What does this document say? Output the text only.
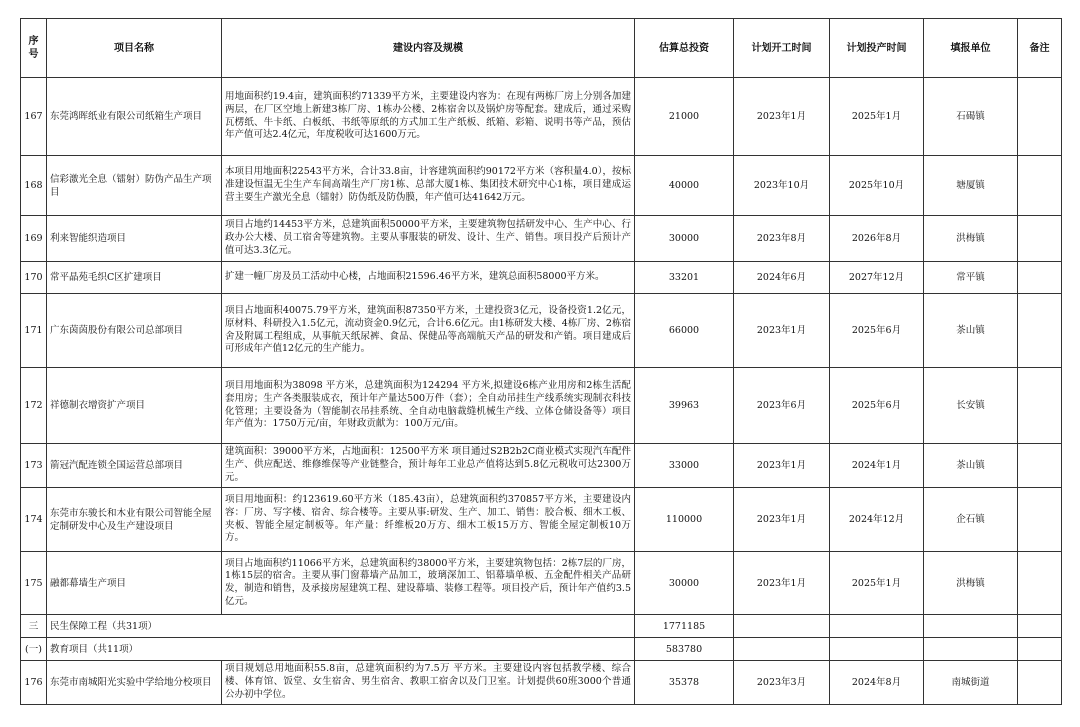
序号	项目名称	建设内容及规模	估算总投资	计划开工时间	计划投产时间	填报单位	备注
167	东莞鸿晖纸业有限公司纸箱生产项目	用地面积约19.4亩，建筑面积约71339平方米，主要建设内容为：在现有两栋厂房上分别各加建两层，在厂区空地上新建3栋厂房、1栋办公楼、2栋宿舍以及锅炉房等配套。建成后，通过采购瓦楞纸、牛卡纸、白板纸、书纸等原纸的方式加工生产纸板、纸箱、彩箱、说明书等产品，预估年产值可达2.4亿元，年度税收可达1600万元。	21000	2023年1月	2025年1月	石碣镇	
168	信彩激光全息（镭射）防伪产品生产项目	本项目用地面积22543平方米，合计33.8亩，计容建筑面积约90172平方米（容积量4.0），按标准建设恒温无尘生产车间高端生产厂房1栋、总部大厦1栋、集团技术研究中心1栋，项目建成运营主要生产激光全息（镭射）防伪纸及防伪膜，年产值可达41642万元。	40000	2023年10月	2025年10月	塘厦镇	
169	利来智能织造项目	项目占地约14453平方米，总建筑面积50000平方米，主要建筑物包括研发中心、生产中心、行政办公大楼、员工宿舍等建筑物。主要从事服装的研发、设计、生产、销售。项目投产后预计产值可达3.3亿元。	30000	2023年8月	2026年8月	洪梅镇	
170	常平晶苑毛织C区扩建项目	扩建一幢厂房及员工活动中心楼，占地面积21596.46平方米，建筑总面积58000平方米。	33201	2024年6月	2027年12月	常平镇	
171	广东茵茵股份有限公司总部项目	项目占地面积40075.79平方米，建筑面积87350平方米，土建投资3亿元，设备投资1.2亿元，原材料、科研投入1.5亿元，流动资金0.9亿元，合计6.6亿元。由1栋研发大楼、4栋厂房、2栋宿舍及附属工程组成，从事航天纸尿裤、食品、保健品等高端航天产品的研发和产销。项目建成后可形成年产值12亿元的生产能力。	66000	2023年1月	2025年6月	茶山镇	
172	祥德制衣增资扩产项目	项目用地面积为38098 平方米，总建筑面积为124294 平方米,拟建设6栋产业用房和2栋生活配套用房；生产各类服装成衣，预计年产量达500万件（套）；全自动吊挂生产线系统实现制衣科技化管理；主要设备为（智能制衣吊挂系统、全自动电脑裁缝机械生产线、立体仓储设备等）项目年产值为：1750万元/亩，年财政贡献为：100万元/亩。	39963	2023年6月	2025年6月	长安镇	
173	箭冠汽配连锁全国运营总部项目	建筑面积：39000平方米，占地面积：12500平方米 项目通过S2B2b2C商业模式实现汽车配件生产、供应配送、维修维保等产业链整合，预计每年工业总产值将达到5.8亿元税收可达2300万元。	33000	2023年1月	2024年1月	茶山镇	
174	东莞市东骏长和木业有限公司智能全屋定制研发中心及生产建设项目	项目用地面积：约123619.60平方米（185.43亩），总建筑面积约370857平方米，主要建设内容：厂房、写字楼、宿舍、综合楼等。主要从事:研发、生产、加工、销售：胶合板、细木工板、夹板、智能全屋定制板等。年产量：纤维板20万方、细木工板15万方、智能全屋定制板10万方。	110000	2023年1月	2024年12月	企石镇	
175	融都幕墙生产项目	项目占地面积约11066平方米，总建筑面积约38000平方米，主要建筑物包括：2栋7层的厂房，1栋15层的宿舍。主要从事门窗幕墙产品加工，玻璃深加工、铝幕墙单板、五金配件相关产品研发，制造和销售，及承接房屋建筑工程、建设幕墙、装修工程等。项目投产后，预计年产值约3.5亿元。	30000	2023年1月	2025年1月	洪梅镇	
三	民生保障工程（共31项）		1771185				
(一)	教育项目（共11项）		583780				
176	东莞市南城阳光实验中学给地分校项目	项目规划总用地面积55.8亩，总建筑面积约为7.5万 平方米。主要建设内容包括教学楼、综合楼、体育馆、饭堂、女生宿舍、男生宿舍、教职工宿舍以及门卫室。计划提供60班3000个普通公办初中学位。	35378	2023年3月	2024年8月	南城街道	
